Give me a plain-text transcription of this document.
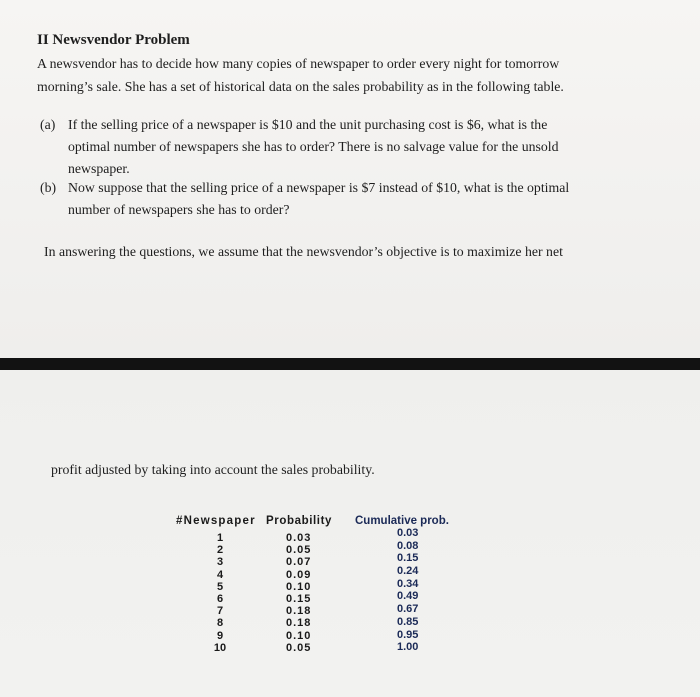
II Newsvendor Problem
A newsvendor has to decide how many copies of newspaper to order every night for tomorrow
morning’s sale. She has a set of historical data on the sales probability as in the following table.
(a) If the selling price of a newspaper is $10 and the unit purchasing cost is $6, what is the
optimal number of newspapers she has to order? There is no salvage value for the unsold
newspaper.
(b) Now suppose that the selling price of a newspaper is $7 instead of $10, what is the optimal
number of newspapers she has to order?
In answering the questions, we assume that the newsvendor’s objective is to maximize her net
profit adjusted by taking into account the sales probability.
#Newspaper Probability Cumulative prob.
1
2
3
4
5
6
7
8
9
10
0.03
0.05
0.07
0.09
0.10
0.15
0.18
0.18
0.10
0.05
0.03
0.08
0.15
0.24
0.34
0.49
0.67
0.85
0.95
1.00
